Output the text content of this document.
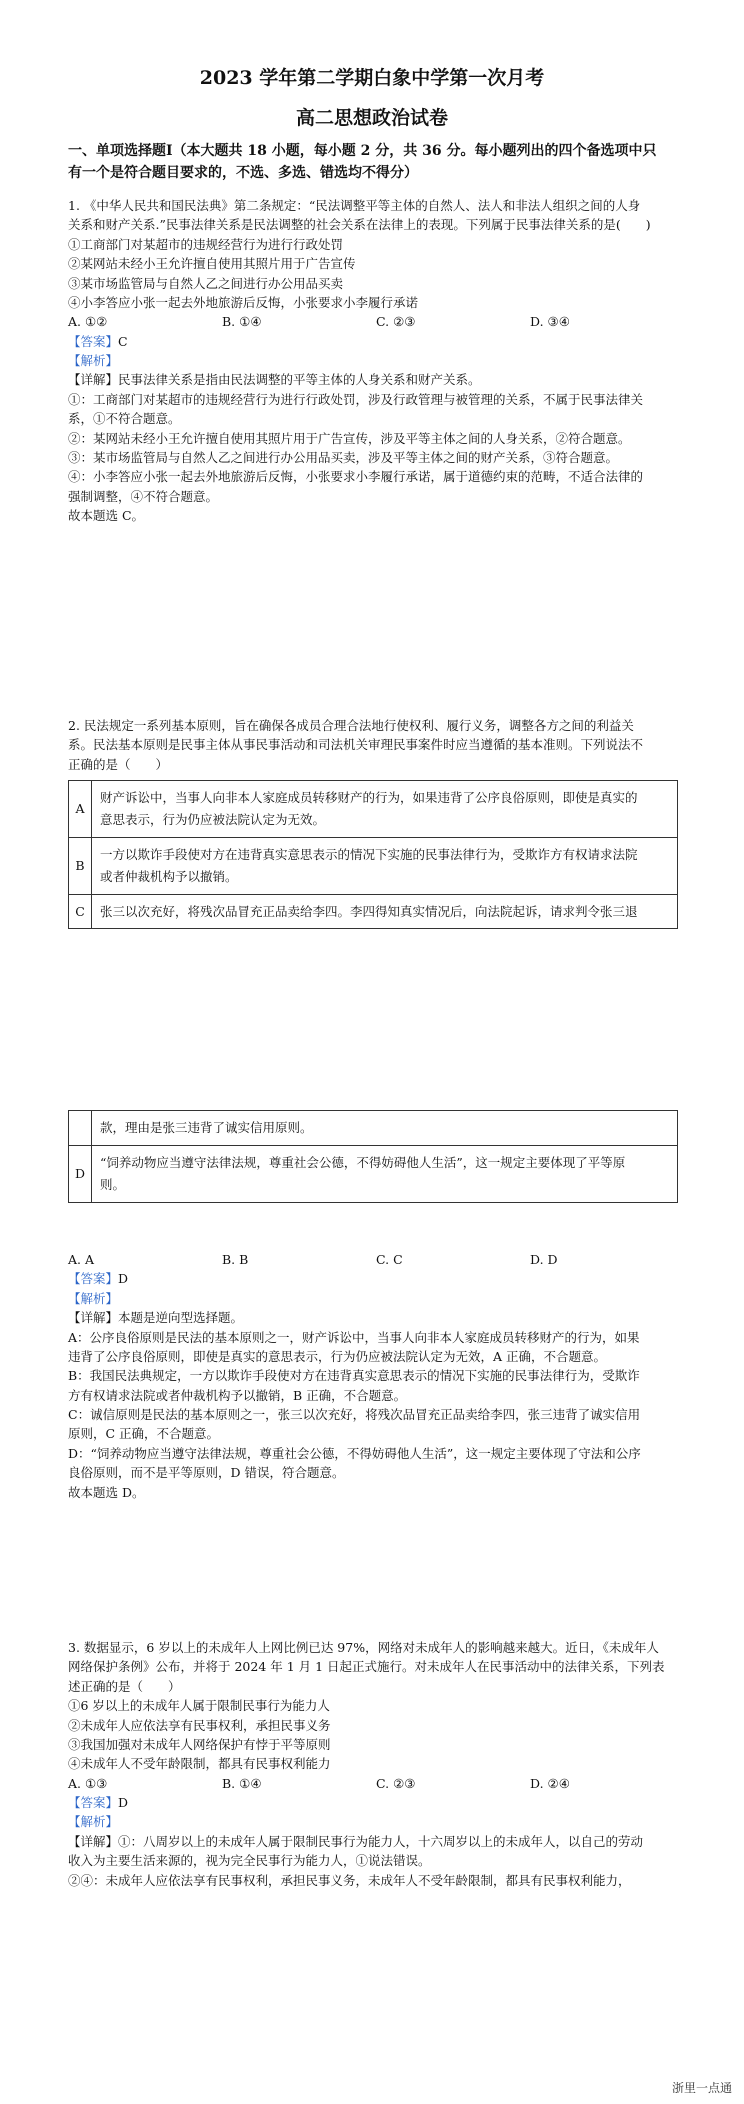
2023 学年第二学期白象中学第一次月考
高二思想政治试卷

一、单项选择题Ⅰ（本大题共 18 小题，每小题 2 分，共 36 分。每小题列出的四个备选项中只

有一个是符合题目要求的，不选、多选、错选均不得分）

1. 《中华人民共和国民法典》第二条规定：“民法调整平等主体的自然人、法人和非法人组织之间的人身

关系和财产关系.”民事法律关系是民法调整的社会关系在法律上的表现。下列属于民事法律关系的是(　　)

①工商部门对某超市的违规经营行为进行行政处罚

②某网站未经小王允许擅自使用其照片用于广告宣传

③某市场监管局与自然人乙之间进行办公用品买卖

④小李答应小张一起去外地旅游后反悔，小张要求小李履行承诺

A. ①②	B. ①④	C. ②③	D. ③④

【 答案 】 C

【 解析 】

【详解】民事法律关系是指由民法调整的平等主体的人身关系和财产关系。

①：工商部门对某超市的违规经营行为进行行政处罚，涉及行政管理与被管理的关系，不属于民事法律关

系，①不符合题意。

②：某网站未经小王允许擅自使用其照片用于广告宣传，涉及平等主体之间的人身关系，②符合题意。

③：某市场监管局与自然人乙之间进行办公用品买卖，涉及平等主体之间的财产关系，③符合题意。

④：小李答应小张一起去外地旅游后反悔，小张要求小李履行承诺，属于道德约束的范畴，不适合法律的

强制调整，④不符合题意。

故本题选 C。

2. 民法规定一系列基本原则，旨在确保各成员合理合法地行使权利、履行义务，调整各方之间的利益关

系。民法基本原则是民事主体从事民事活动和司法机关审理民事案件时应当遵循的基本准则。下列说法不

正确的是（　　）

A	财产诉讼中，当事人向非本人家庭成员转移财产的行为，如果违背了公序良俗原则，即使是真实的
意思表示，行为仍应被法院认定为无效。
B	一方以欺诈手段使对方在违背真实意思表示的情况下实施的民事法律行为，受欺诈方有权请求法院
或者仲裁机构予以撤销。
C	张三以次充好，将残次品冒充正品卖给李四。李四得知真实情况后，向法院起诉，请求判令张三退
	款，理由是张三违背了诚实信用原则。
D	“饲养动物应当遵守法律法规，尊重社会公德，不得妨碍他人生活”，这一规定主要体现了平等原
则。
A. A	B. B	C. C	D. D

【 答案 】 D

【 解析 】

【详解】本题是逆向型选择题。

A：公序良俗原则是民法的基本原则之一，财产诉讼中，当事人向非本人家庭成员转移财产的行为，如果

违背了公序良俗原则，即使是真实的意思表示，行为仍应被法院认定为无效，A 正确，不合题意。

B：我国民法典规定，一方以欺诈手段使对方在违背真实意思表示的情况下实施的民事法律行为，受欺诈

方有权请求法院或者仲裁机构予以撤销，B 正确，不合题意。

C：诚信原则是民法的基本原则之一，张三以次充好，将残次品冒充正品卖给李四，张三违背了诚实信用

原则，C 正确，不合题意。

D：“饲养动物应当遵守法律法规，尊重社会公德，不得妨碍他人生活”，这一规定主要体现了守法和公序

良俗原则，而不是平等原则，D 错误，符合题意。

故本题选 D。

3. 数据显示，6 岁以上的未成年人上网比例已达 97%，网络对未成年人的影响越来越大。近日，《未成年人

网络保护条例》公布，并将于 2024 年 1 月 1 日起正式施行。对未成年人在民事活动中的法律关系，下列表

述正确的是（　　）

①6 岁以上的未成年人属于限制民事行为能力人

②未成年人应依法享有民事权利，承担民事义务

③我国加强对未成年人网络保护有悖于平等原则

④未成年人不受年龄限制，都具有民事权利能力

A. ①③	B. ①④	C. ②③	D. ②④

【 答案 】 D

【 解析 】

【详解】①：八周岁以上的未成年人属于限制民事行为能力人，十六周岁以上的未成年人，以自己的劳动

收入为主要生活来源的，视为完全民事行为能力人，①说法错误。

②④：未成年人应依法享有民事权利，承担民事义务，未成年人不受年龄限制，都具有民事权利能力，

浙里一点通
